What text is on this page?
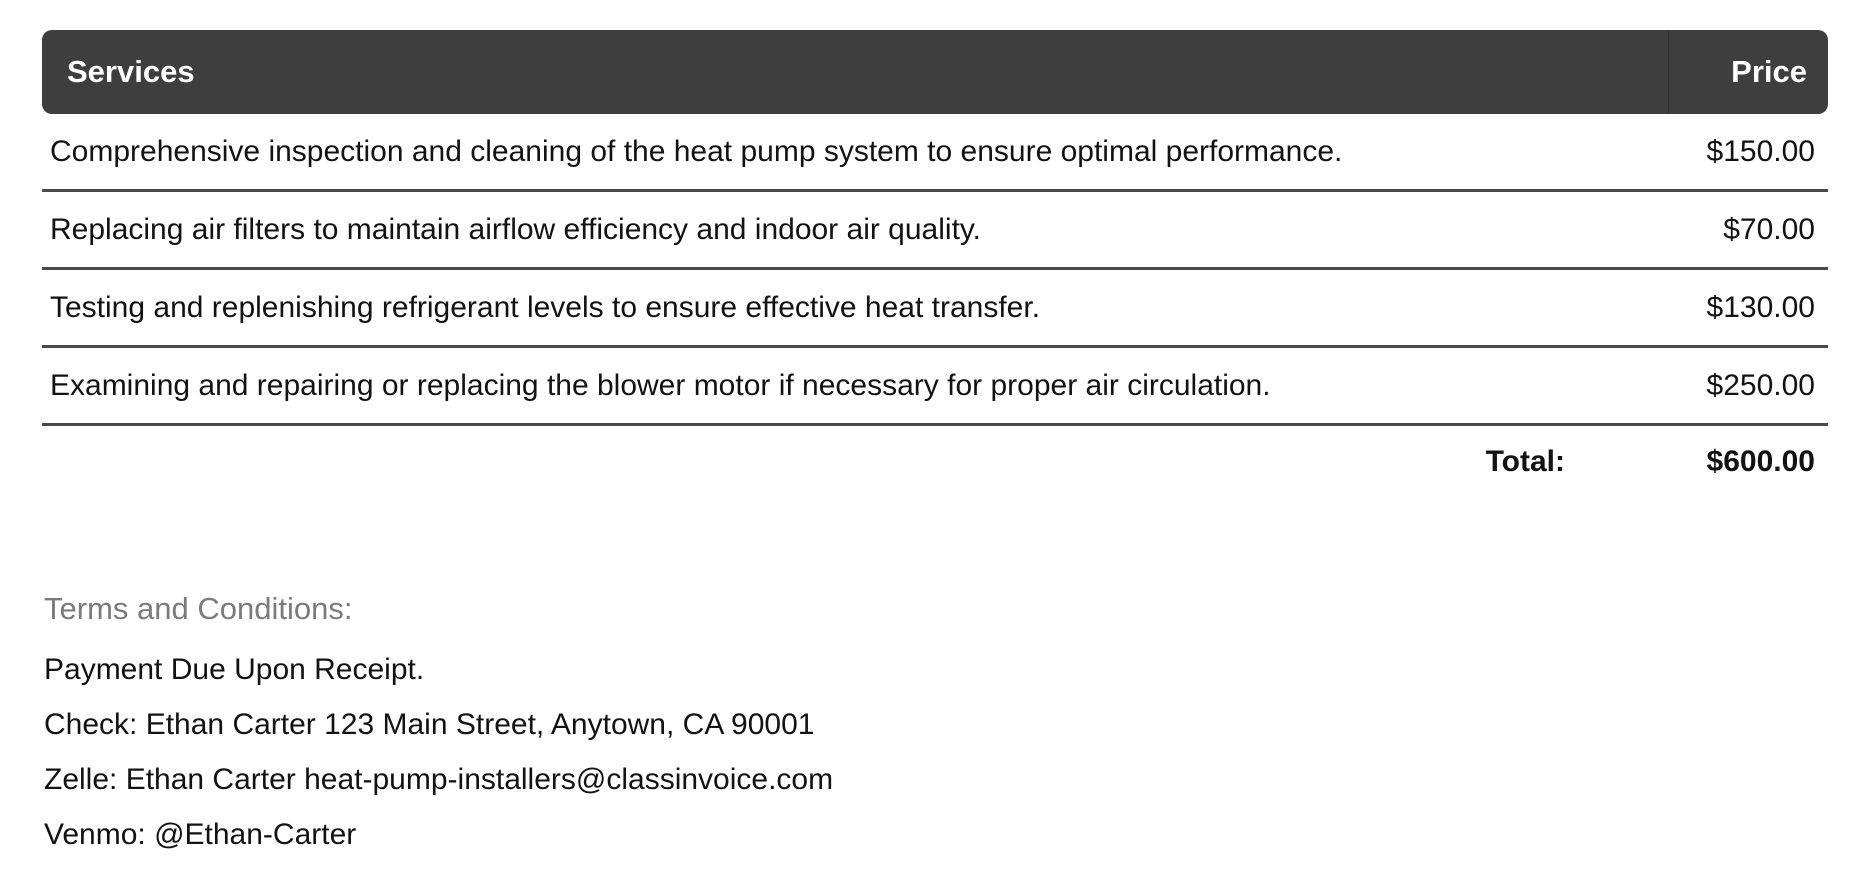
Services	Price
Comprehensive inspection and cleaning of the heat pump system to ensure optimal performance.	$150.00
Replacing air filters to maintain airflow efficiency and indoor air quality.	$70.00
Testing and replenishing refrigerant levels to ensure effective heat transfer.	$130.00
Examining and repairing or replacing the blower motor if necessary for proper air circulation.	$250.00
Total:	$600.00
Terms and Conditions:
Payment Due Upon Receipt.
Check: Ethan Carter 123 Main Street, Anytown, CA 90001
Zelle: Ethan Carter heat-pump-installers@classinvoice.com
Venmo: @Ethan-Carter
